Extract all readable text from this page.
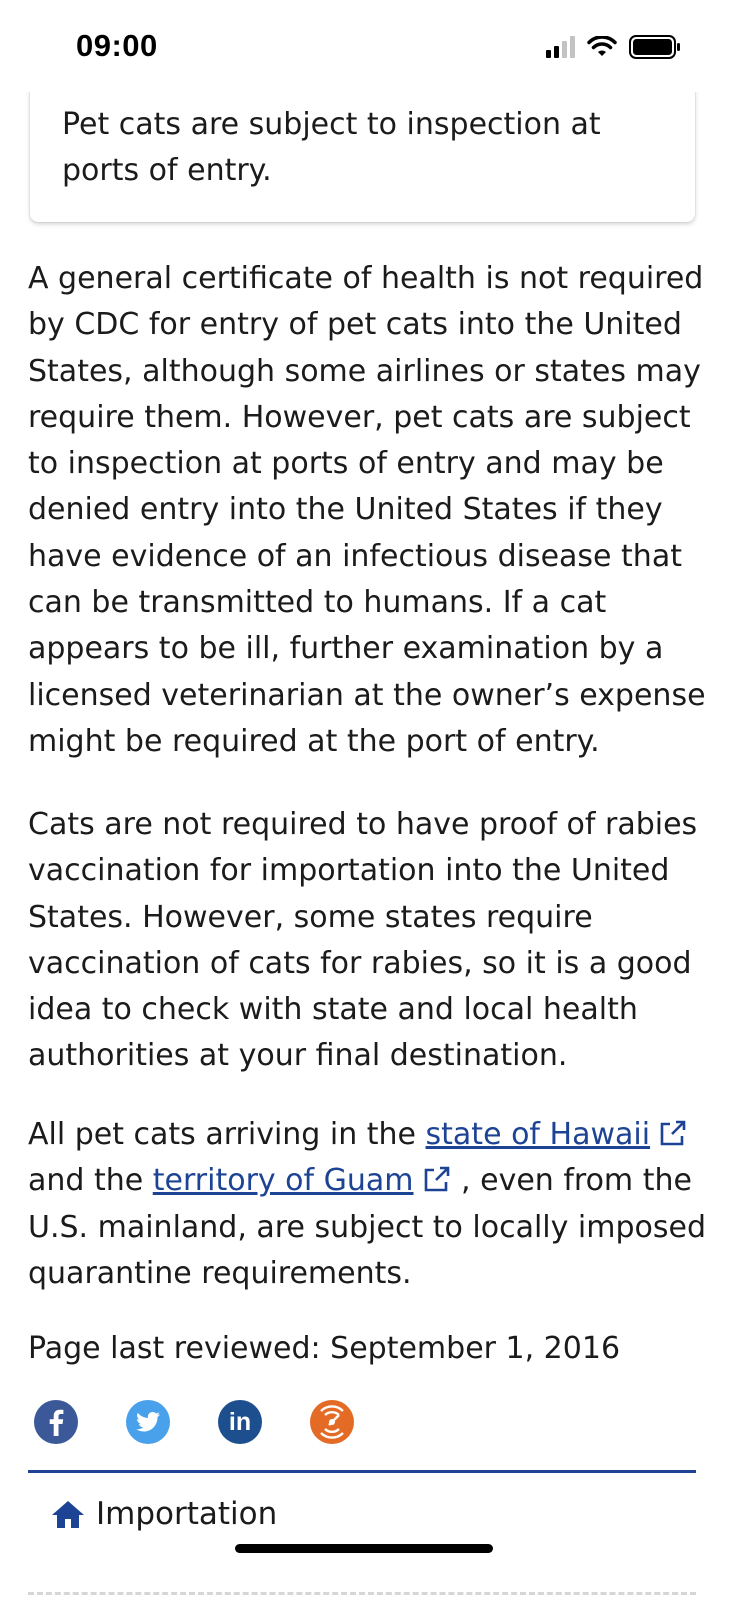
09:00

Pet cats are subject to inspection at ports of entry.

A general certificate of health is not required by CDC for entry of pet cats into the United States, although some airlines or states may require them. However, pet cats are subject to inspection at ports of entry and may be denied entry into the United States if they have evidence of an infectious disease that can be transmitted to humans. If a cat appears to be ill, further examination by a licensed veterinarian at the owner’s expense might be required at the port of entry.

Cats are not required to have proof of rabies vaccination for importation into the United States. However, some states require vaccination of cats for rabies, so it is a good idea to check with state and local health authorities at your final destination.

All pet cats arriving in the state of Hawaii
and the territory of Guam , even from the U.S. mainland, are subject to locally imposed quarantine requirements.

Page last reviewed: September 1, 2016

in
Importation
